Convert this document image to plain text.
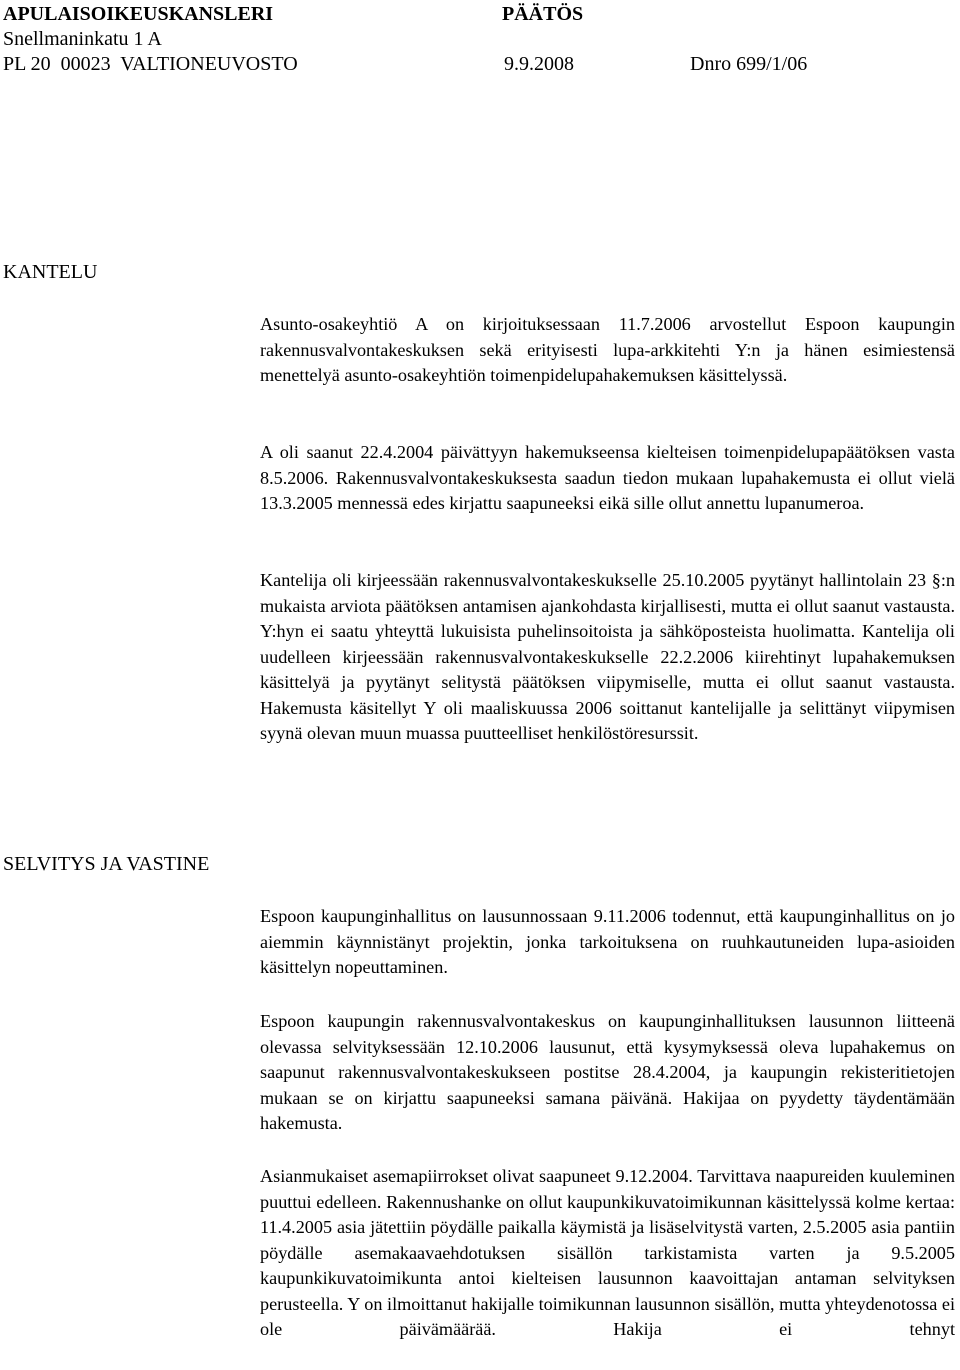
APULAISOIKEUSKANSLERI
Snellmaninkatu 1 A
PL 20  00023  VALTIONEUVOSTO
PÄÄTÖS
9.9.2008	Dnro 699/1/06
KANTELU

Asunto-osakeyhtiö A on kirjoituksessaan 11.7.2006 arvostellut Espoon kaupungin rakennusvalvontakeskuksen sekä erityisesti lupa-arkkitehti Y:n ja hänen esimiestensä menettelyä asunto-osakeyhtiön toimenpidelupahakemuksen käsittelyssä.

A oli saanut 22.4.2004 päivättyyn hakemukseensa kielteisen toimenpidelupapäätöksen vasta 8.5.2006. Rakennusvalvontakeskuksesta saadun tiedon mukaan lupahakemusta ei ollut vielä 13.3.2005 mennessä edes kirjattu saapuneeksi eikä sille ollut annettu lupanumeroa.

Kantelija oli kirjeessään rakennusvalvontakeskukselle 25.10.2005 pyytänyt hallintolain 23 §:n mukaista arviota päätöksen antamisen ajankohdasta kirjallisesti, mutta ei ollut saanut vastausta. Y:hyn ei saatu yhteyttä lukuisista puhelinsoitoista ja sähköposteista huolimatta. Kantelija oli uudelleen kirjeessään rakennusvalvontakeskukselle 22.2.2006 kiirehtinyt lupahakemuksen käsittelyä ja pyytänyt selitystä päätöksen viipymiselle, mutta ei ollut saanut vastausta. Hakemusta käsitellyt Y oli maaliskuussa 2006 soittanut kantelijalle ja selittänyt viipymisen syynä olevan muun muassa puutteelliset henkilöstöresurssit.

SELVITYS JA VASTINE

Espoon kaupunginhallitus on lausunnossaan 9.11.2006 todennut, että kaupunginhallitus on jo aiemmin käynnistänyt projektin, jonka tarkoituksena on ruuhkautuneiden lupa-asioiden käsittelyn nopeuttaminen.

Espoon kaupungin rakennusvalvontakeskus on kaupunginhallituksen lausunnon liitteenä olevassa selvityksessään 12.10.2006 lausunut, että kysymyksessä oleva lupahakemus on saapunut rakennusvalvontakeskukseen postitse 28.4.2004, ja kaupungin rekisteritietojen mukaan se on kirjattu saapuneeksi samana päivänä. Hakijaa on pyydetty täydentämään hakemusta.

Asianmukaiset asemapiirrokset olivat saapuneet 9.12.2004. Tarvittava naapureiden kuuleminen puuttui edelleen. Rakennushanke on ollut kaupunkikuvatoimikunnan käsittelyssä kolme kertaa: 11.4.2005 asia jätettiin pöydälle paikalla käymistä ja lisäselvitystä varten, 2.5.2005 asia pantiin pöydälle asemakaavaehdotuksen sisällön tarkistamista varten ja 9.5.2005 kaupunkikuvatoimikunta antoi kielteisen lausunnon kaavoittajan antaman selvityksen perusteella. Y on ilmoittanut hakijalle toimikunnan lausunnon sisällön, mutta yhteydenotossa ei ole päivämäärää. Hakija ei tehnyt
